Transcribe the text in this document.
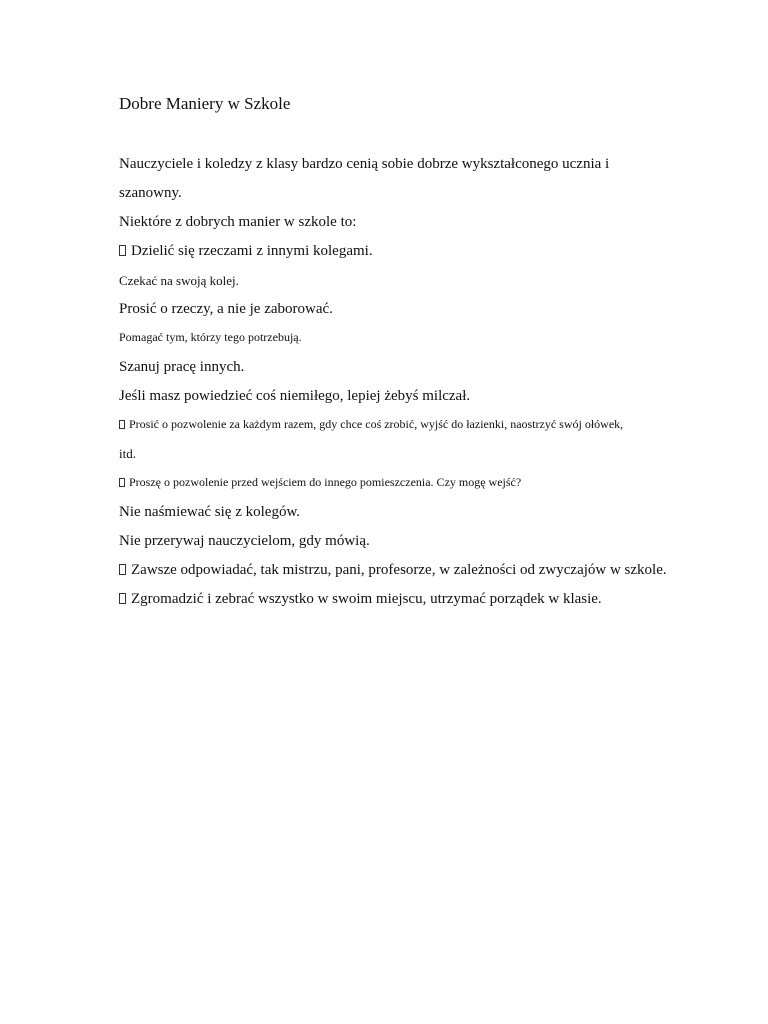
Dobre Maniery w Szkole
Nauczyciele i koledzy z klasy bardzo cenią sobie dobrze wykształconego ucznia i
szanowny.
Niektóre z dobrych manier w szkole to:
Dzielić się rzeczami z innymi kolegami.
Czekać na swoją kolej.
Prosić o rzeczy, a nie je zaborować.
Pomagać tym, którzy tego potrzebują.
Szanuj pracę innych.
Jeśli masz powiedzieć coś niemiłego, lepiej żebyś milczał.
Prosić o pozwolenie za każdym razem, gdy chce coś zrobić, wyjść do łazienki, naostrzyć swój ołówek,
itd.
Proszę o pozwolenie przed wejściem do innego pomieszczenia. Czy mogę wejść?
Nie naśmiewać się z kolegów.
Nie przerywaj nauczycielom, gdy mówią.
Zawsze odpowiadać, tak mistrzu, pani, profesorze, w zależności od zwyczajów w szkole.
Zgromadzić i zebrać wszystko w swoim miejscu, utrzymać porządek w klasie.
